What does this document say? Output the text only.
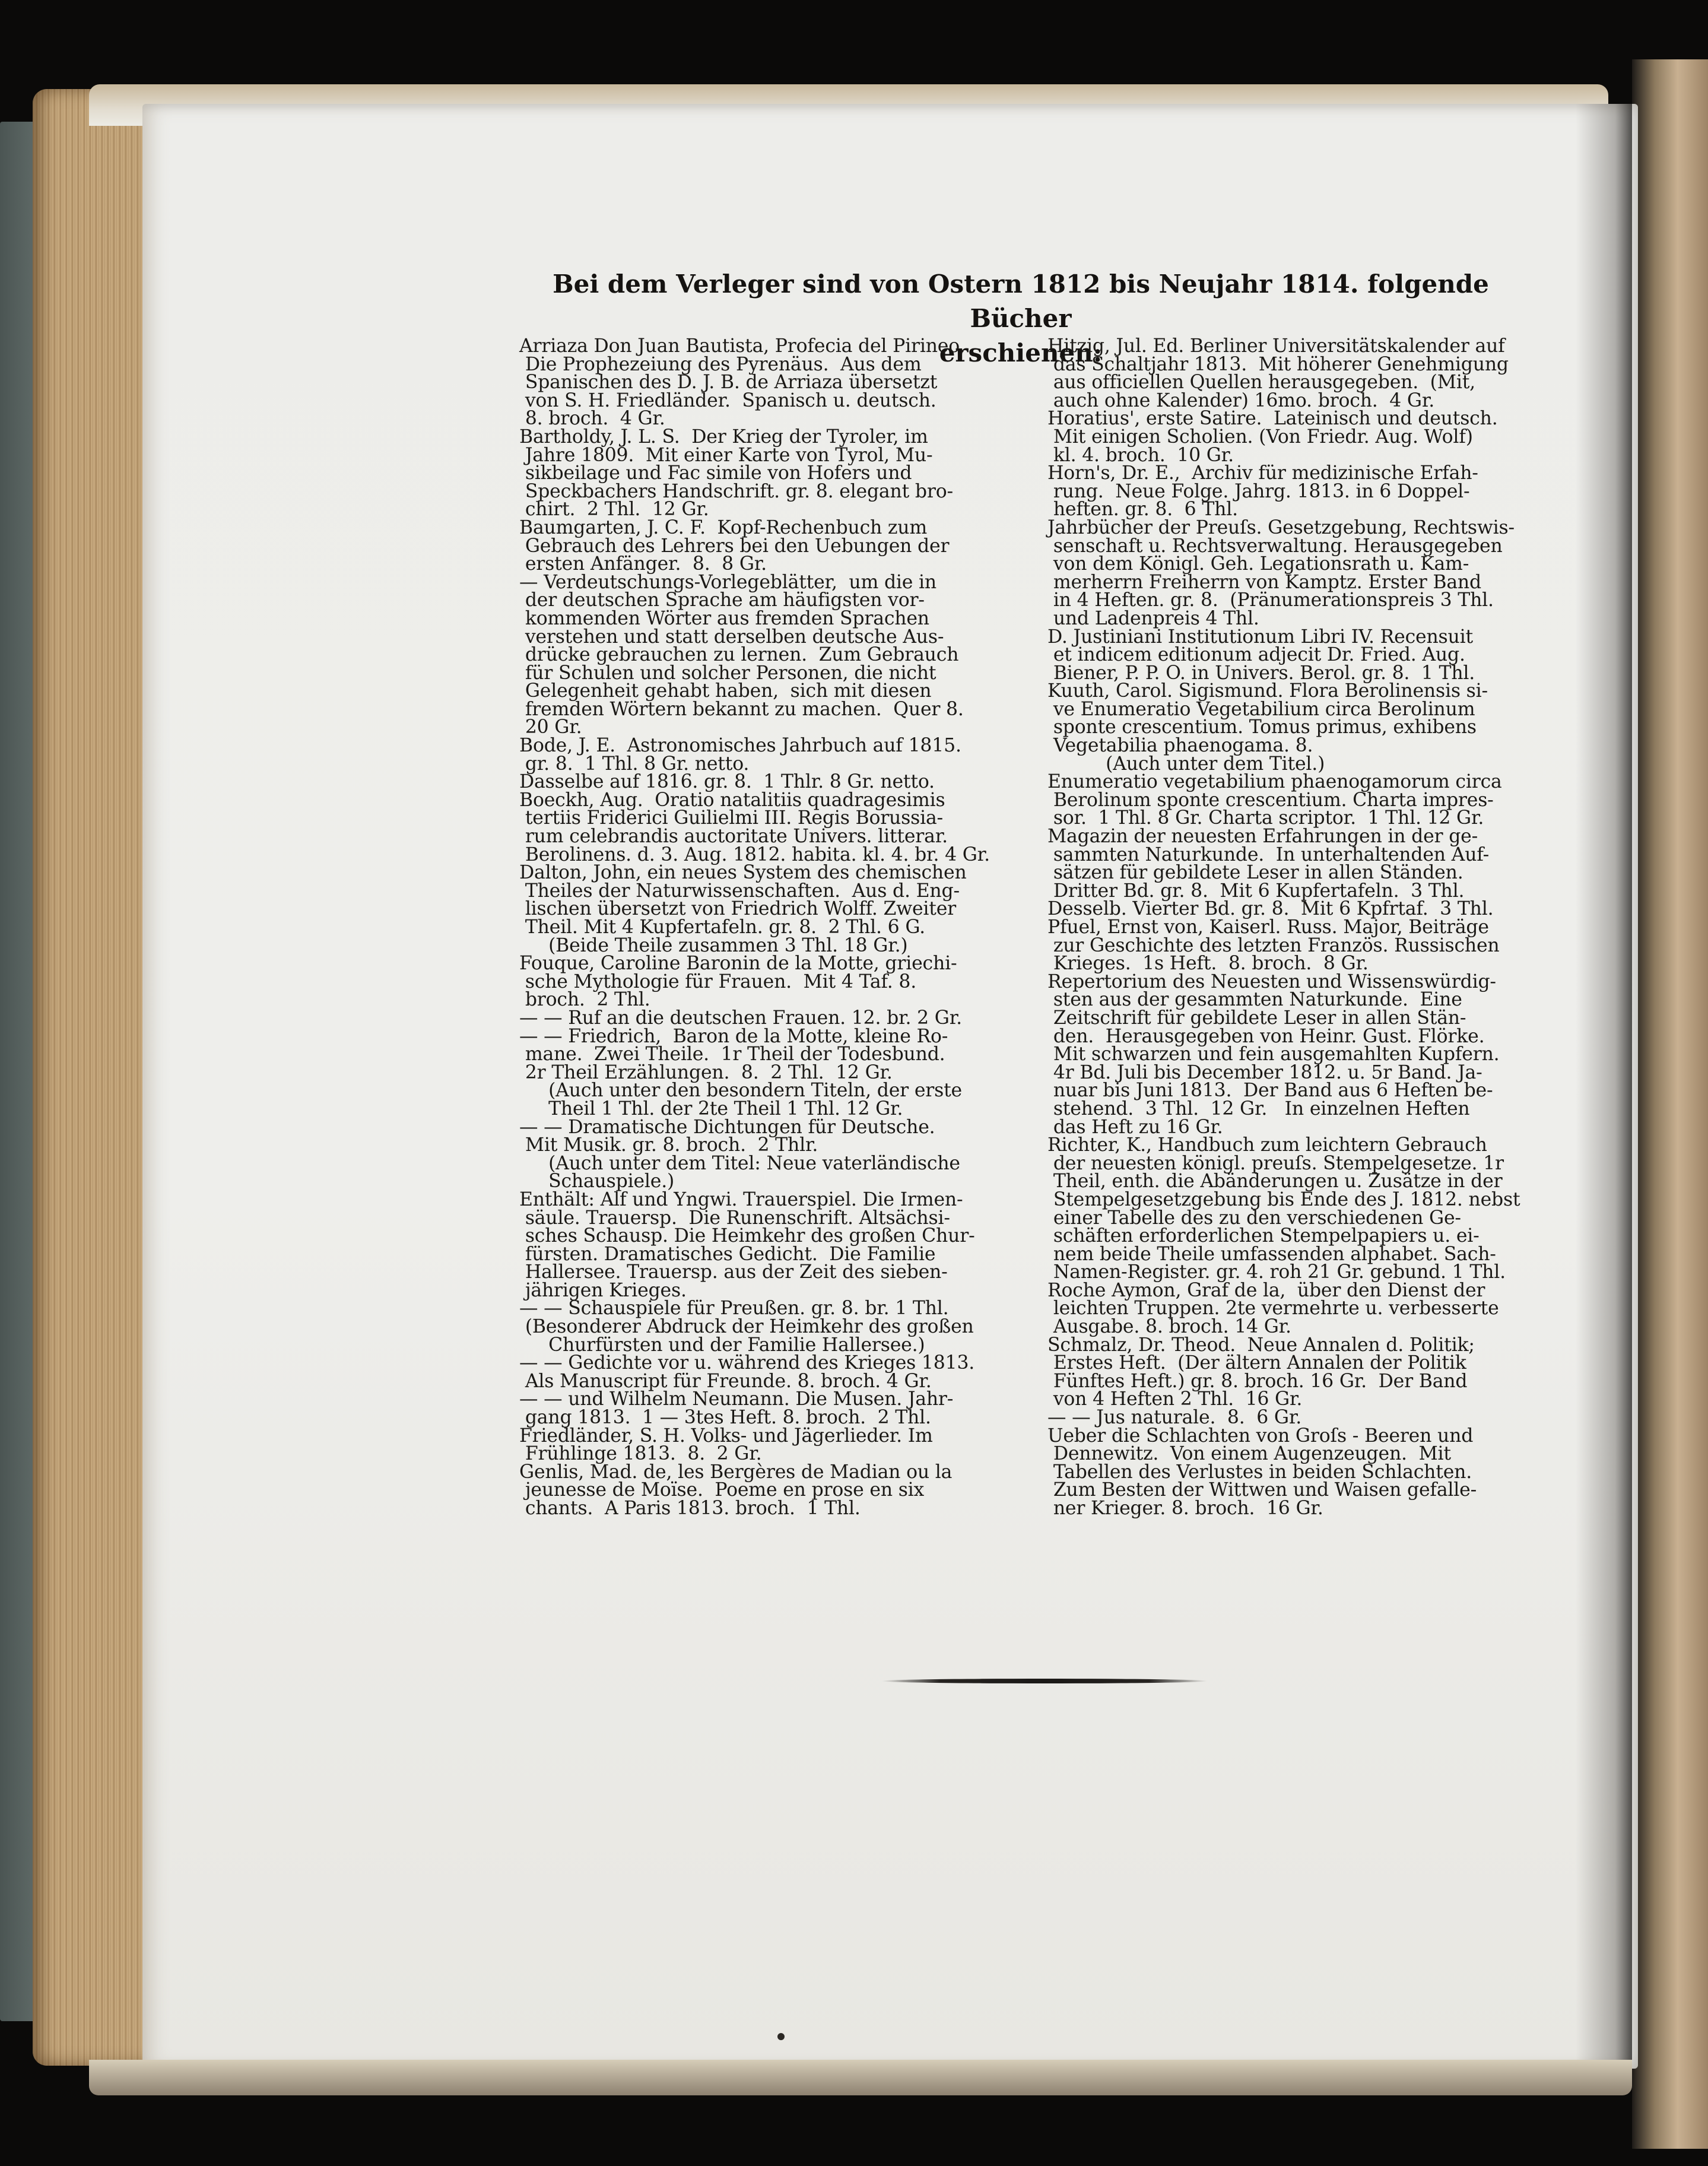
Bei dem Verleger sind von Ostern 1812 bis Neujahr 1814. folgende Bücher
erschienen:
Arriaza Don Juan Bautista, Profecia del Pirineo.
Die Prophezeiung des Pyrenäus.  Aus dem
Spanischen des D. J. B. de Arriaza übersetzt
von S. H. Friedländer.  Spanisch u. deutsch.
8. broch.  4 Gr.
Bartholdy, J. L. S.  Der Krieg der Tyroler, im
Jahre 1809.  Mit einer Karte von Tyrol, Mu-
sikbeilage und Fac simile von Hofers und
Speckbachers Handschrift. gr. 8. elegant bro-
chirt.  2 Thl.  12 Gr.
Baumgarten, J. C. F.  Kopf-Rechenbuch zum
Gebrauch des Lehrers bei den Uebungen der
ersten Anfänger.  8.  8 Gr.
— Verdeutschungs-Vorlegeblätter,  um die in
der deutschen Sprache am häufigsten vor-
kommenden Wörter aus fremden Sprachen
verstehen und statt derselben deutsche Aus-
drücke gebrauchen zu lernen.  Zum Gebrauch
für Schulen und solcher Personen, die nicht
Gelegenheit gehabt haben,  sich mit diesen
fremden Wörtern bekannt zu machen.  Quer 8.
20 Gr.
Bode, J. E.  Astronomisches Jahrbuch auf 1815.
gr. 8.  1 Thl. 8 Gr. netto.
Dasselbe auf 1816. gr. 8.  1 Thlr. 8 Gr. netto.
Boeckh, Aug.  Oratio natalitiis quadragesimis
tertiis Friderici Guilielmi III. Regis Borussia-
rum celebrandis auctoritate Univers. litterar.
Berolinens. d. 3. Aug. 1812. habita. kl. 4. br. 4 Gr.
Dalton, John, ein neues System des chemischen
Theiles der Naturwissenschaften.  Aus d. Eng-
lischen übersetzt von Friedrich Wolff. Zweiter
Theil. Mit 4 Kupfertafeln. gr. 8.  2 Thl. 6 G.
(Beide Theile zusammen 3 Thl. 18 Gr.)
Fouque, Caroline Baronin de la Motte, griechi-
sche Mythologie für Frauen.  Mit 4 Taf. 8.
broch.  2 Thl.
— — Ruf an die deutschen Frauen. 12. br. 2 Gr.
— — Friedrich,  Baron de la Motte, kleine Ro-
mane.  Zwei Theile.  1r Theil der Todesbund.
2r Theil Erzählungen.  8.  2 Thl.  12 Gr.
(Auch unter den besondern Titeln, der erste
Theil 1 Thl. der 2te Theil 1 Thl. 12 Gr.
— — Dramatische Dichtungen für Deutsche.
Mit Musik. gr. 8. broch.  2 Thlr.
(Auch unter dem Titel: Neue vaterländische
Schauspiele.)
Enthält: Alf und Yngwi. Trauerspiel. Die Irmen-
säule. Trauersp.  Die Runenschrift. Altsächsi-
sches Schausp. Die Heimkehr des großen Chur-
fürsten. Dramatisches Gedicht.  Die Familie
Hallersee. Trauersp. aus der Zeit des sieben-
jährigen Krieges.
— — Schauspiele für Preußen. gr. 8. br. 1 Thl.
(Besonderer Abdruck der Heimkehr des großen
Churfürsten und der Familie Hallersee.)
— — Gedichte vor u. während des Krieges 1813.
Als Manuscript für Freunde. 8. broch. 4 Gr.
— — und Wilhelm Neumann. Die Musen. Jahr-
gang 1813.  1 — 3tes Heft. 8. broch.  2 Thl.
Friedländer, S. H. Volks- und Jägerlieder. Im
Frühlinge 1813.  8.  2 Gr.
Genlis, Mad. de, les Bergères de Madian ou la
jeunesse de Moïse.  Poeme en prose en six
chants.  A Paris 1813. broch.  1 Thl.
Hitzig, Jul. Ed. Berliner Universitätskalender auf
das Schaltjahr 1813.  Mit höherer Genehmigung
aus officiellen Quellen herausgegeben.  (Mit,
auch ohne Kalender) 16mo. broch.  4 Gr.
Horatius', erste Satire.  Lateinisch und deutsch.
Mit einigen Scholien. (Von Friedr. Aug. Wolf)
kl. 4. broch.  10 Gr.
Horn's, Dr. E.,  Archiv für medizinische Erfah-
rung.  Neue Folge. Jahrg. 1813. in 6 Doppel-
heften. gr. 8.  6 Thl.
Jahrbücher der Preuſs. Gesetzgebung, Rechtswis-
senschaft u. Rechtsverwaltung. Herausgegeben
von dem Königl. Geh. Legationsrath u. Kam-
merherrn Freiherrn von Kamptz. Erster Band
in 4 Heften. gr. 8.  (Pränumerationspreis 3 Thl.
und Ladenpreis 4 Thl.
D. Justiniani Institutionum Libri IV. Recensuit
et indicem editionum adjecit Dr. Fried. Aug.
Biener, P. P. O. in Univers. Berol. gr. 8.  1 Thl.
Kuuth, Carol. Sigismund. Flora Berolinensis si-
ve Enumeratio Vegetabilium circa Berolinum
sponte crescentium. Tomus primus, exhibens
Vegetabilia phaenogama. 8.
(Auch unter dem Titel.)
Enumeratio vegetabilium phaenogamorum circa
Berolinum sponte crescentium. Charta impres-
sor.  1 Thl. 8 Gr. Charta scriptor.  1 Thl. 12 Gr.
Magazin der neuesten Erfahrungen in der ge-
sammten Naturkunde.  In unterhaltenden Auf-
sätzen für gebildete Leser in allen Ständen.
Dritter Bd. gr. 8.  Mit 6 Kupfertafeln.  3 Thl.
Desselb. Vierter Bd. gr. 8.  Mit 6 Kpfrtaf.  3 Thl.
Pfuel, Ernst von, Kaiserl. Russ. Major, Beiträge
zur Geschichte des letzten Französ. Russischen
Krieges.  1s Heft.  8. broch.  8 Gr.
Repertorium des Neuesten und Wissenswürdig-
sten aus der gesammten Naturkunde.  Eine
Zeitschrift für gebildete Leser in allen Stän-
den.  Herausgegeben von Heinr. Gust. Flörke.
Mit schwarzen und fein ausgemahlten Kupfern.
4r Bd. Juli bis December 1812. u. 5r Band. Ja-
nuar bis Juni 1813.  Der Band aus 6 Heften be-
stehend.  3 Thl.  12 Gr.   In einzelnen Heften
das Heft zu 16 Gr.
Richter, K., Handbuch zum leichtern Gebrauch
der neuesten königl. preuſs. Stempelgesetze. 1r
Theil, enth. die Abänderungen u. Zusätze in der
Stempelgesetzgebung bis Ende des J. 1812. nebst
einer Tabelle des zu den verschiedenen Ge-
schäften erforderlichen Stempelpapiers u. ei-
nem beide Theile umfassenden alphabet. Sach-
Namen-Register. gr. 4. roh 21 Gr. gebund. 1 Thl.
Roche Aymon, Graf de la,  über den Dienst der
leichten Truppen. 2te vermehrte u. verbesserte
Ausgabe. 8. broch. 14 Gr.
Schmalz, Dr. Theod.  Neue Annalen d. Politik;
Erstes Heft.  (Der ältern Annalen der Politik
Fünftes Heft.) gr. 8. broch. 16 Gr.  Der Band
von 4 Heften 2 Thl.  16 Gr.
— — Jus naturale.  8.  6 Gr.
Ueber die Schlachten von Groſs - Beeren und
Dennewitz.  Von einem Augenzeugen.  Mit
Tabellen des Verlustes in beiden Schlachten.
Zum Besten der Wittwen und Waisen gefalle-
ner Krieger. 8. broch.  16 Gr.
